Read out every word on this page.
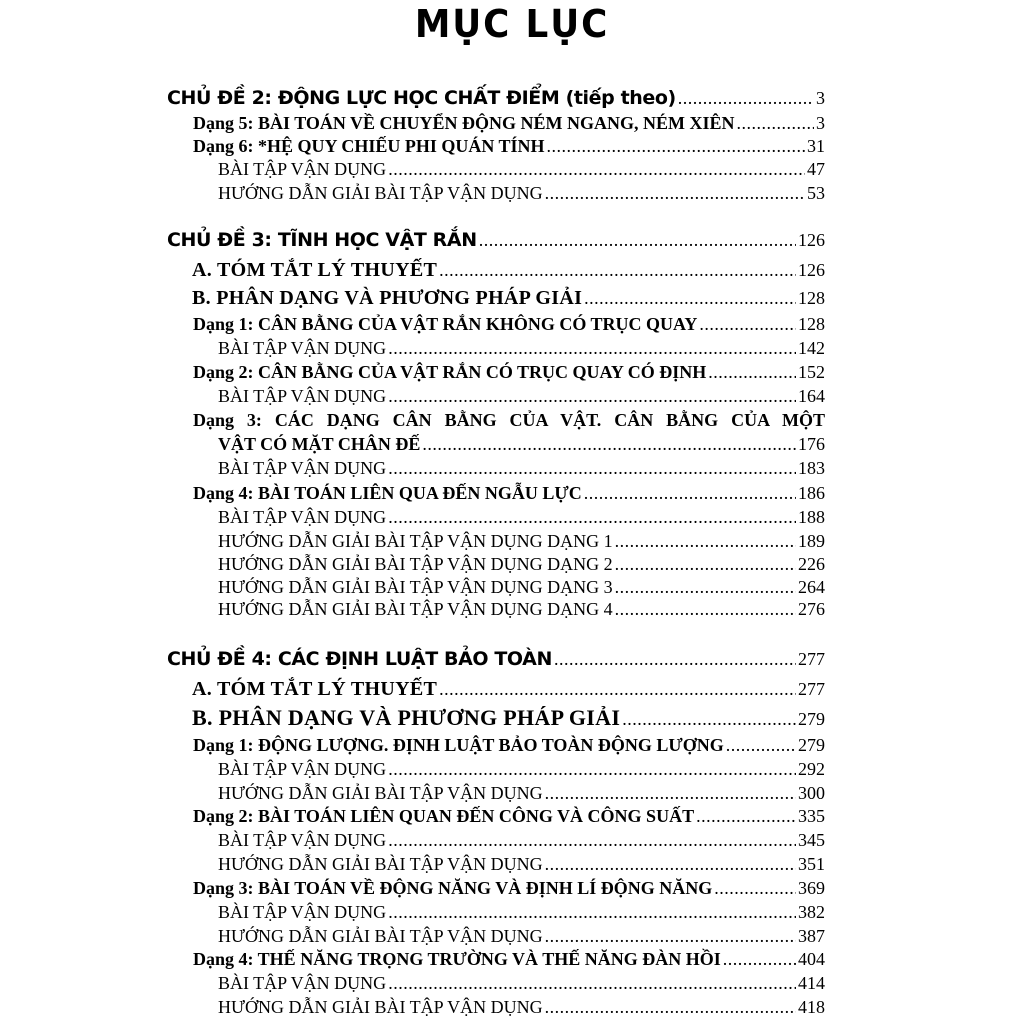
MỤC LỤC
CHỦ ĐỀ 2: ĐỘNG LỰC HỌC CHẤT ĐIỂM (tiếp theo) .....	3
Dạng 5: BÀI TOÁN VỀ CHUYỂN ĐỘNG NÉM NGANG, NÉM XIÊN .....	3
Dạng 6: *HỆ QUY CHIẾU PHI QUÁN TÍNH .....	31
BÀI TẬP VẬN DỤNG .....	47
HƯỚNG DẪN GIẢI BÀI TẬP VẬN DỤNG .....	53
CHỦ ĐỀ 3: TĨNH HỌC VẬT RẮN .....	126
A. TÓM TẮT LÝ THUYẾT .....	126
B. PHÂN DẠNG VÀ PHƯƠNG PHÁP GIẢI .....	128
Dạng 1: CÂN BẰNG CỦA VẬT RẮN KHÔNG CÓ TRỤC QUAY .....	128
BÀI TẬP VẬN DỤNG .....	142
Dạng 2: CÂN BẰNG CỦA VẬT RẮN CÓ TRỤC QUAY CÓ ĐỊNH .....	152
BÀI TẬP VẬN DỤNG .....	164
Dạng 3: CÁC DẠNG CÂN BẰNG CỦA VẬT. CÂN BẰNG CỦA MỘT
VẬT CÓ MẶT CHÂN ĐẾ .....	176
BÀI TẬP VẬN DỤNG .....	183
Dạng 4: BÀI TOÁN LIÊN QUA ĐẾN NGẪU LỰC .....	186
BÀI TẬP VẬN DỤNG .....	188
HƯỚNG DẪN GIẢI BÀI TẬP VẬN DỤNG DẠNG 1 .....	189
HƯỚNG DẪN GIẢI BÀI TẬP VẬN DỤNG DẠNG 2 .....	226
HƯỚNG DẪN GIẢI BÀI TẬP VẬN DỤNG DẠNG 3 .....	264
HƯỚNG DẪN GIẢI BÀI TẬP VẬN DỤNG DẠNG 4 .....	276
CHỦ ĐỀ 4: CÁC ĐỊNH LUẬT BẢO TOÀN .....	277
A. TÓM TẮT LÝ THUYẾT .....	277
B. PHÂN DẠNG VÀ PHƯƠNG PHÁP GIẢI .....	279
Dạng 1: ĐỘNG LƯỢNG. ĐỊNH LUẬT BẢO TOÀN ĐỘNG LƯỢNG .....	279
BÀI TẬP VẬN DỤNG .....	292
HƯỚNG DẪN GIẢI BÀI TẬP VẬN DỤNG .....	300
Dạng 2: BÀI TOÁN LIÊN QUAN ĐẾN CÔNG VÀ CÔNG SUẤT .....	335
BÀI TẬP VẬN DỤNG .....	345
HƯỚNG DẪN GIẢI BÀI TẬP VẬN DỤNG .....	351
Dạng 3: BÀI TOÁN VỀ ĐỘNG NĂNG VÀ ĐỊNH LÍ ĐỘNG NĂNG .....	369
BÀI TẬP VẬN DỤNG .....	382
HƯỚNG DẪN GIẢI BÀI TẬP VẬN DỤNG .....	387
Dạng 4: THẾ NĂNG TRỌNG TRƯỜNG VÀ THẾ NĂNG ĐÀN HỒI .....	404
BÀI TẬP VẬN DỤNG .....	414
HƯỚNG DẪN GIẢI BÀI TẬP VẬN DỤNG .....	418
